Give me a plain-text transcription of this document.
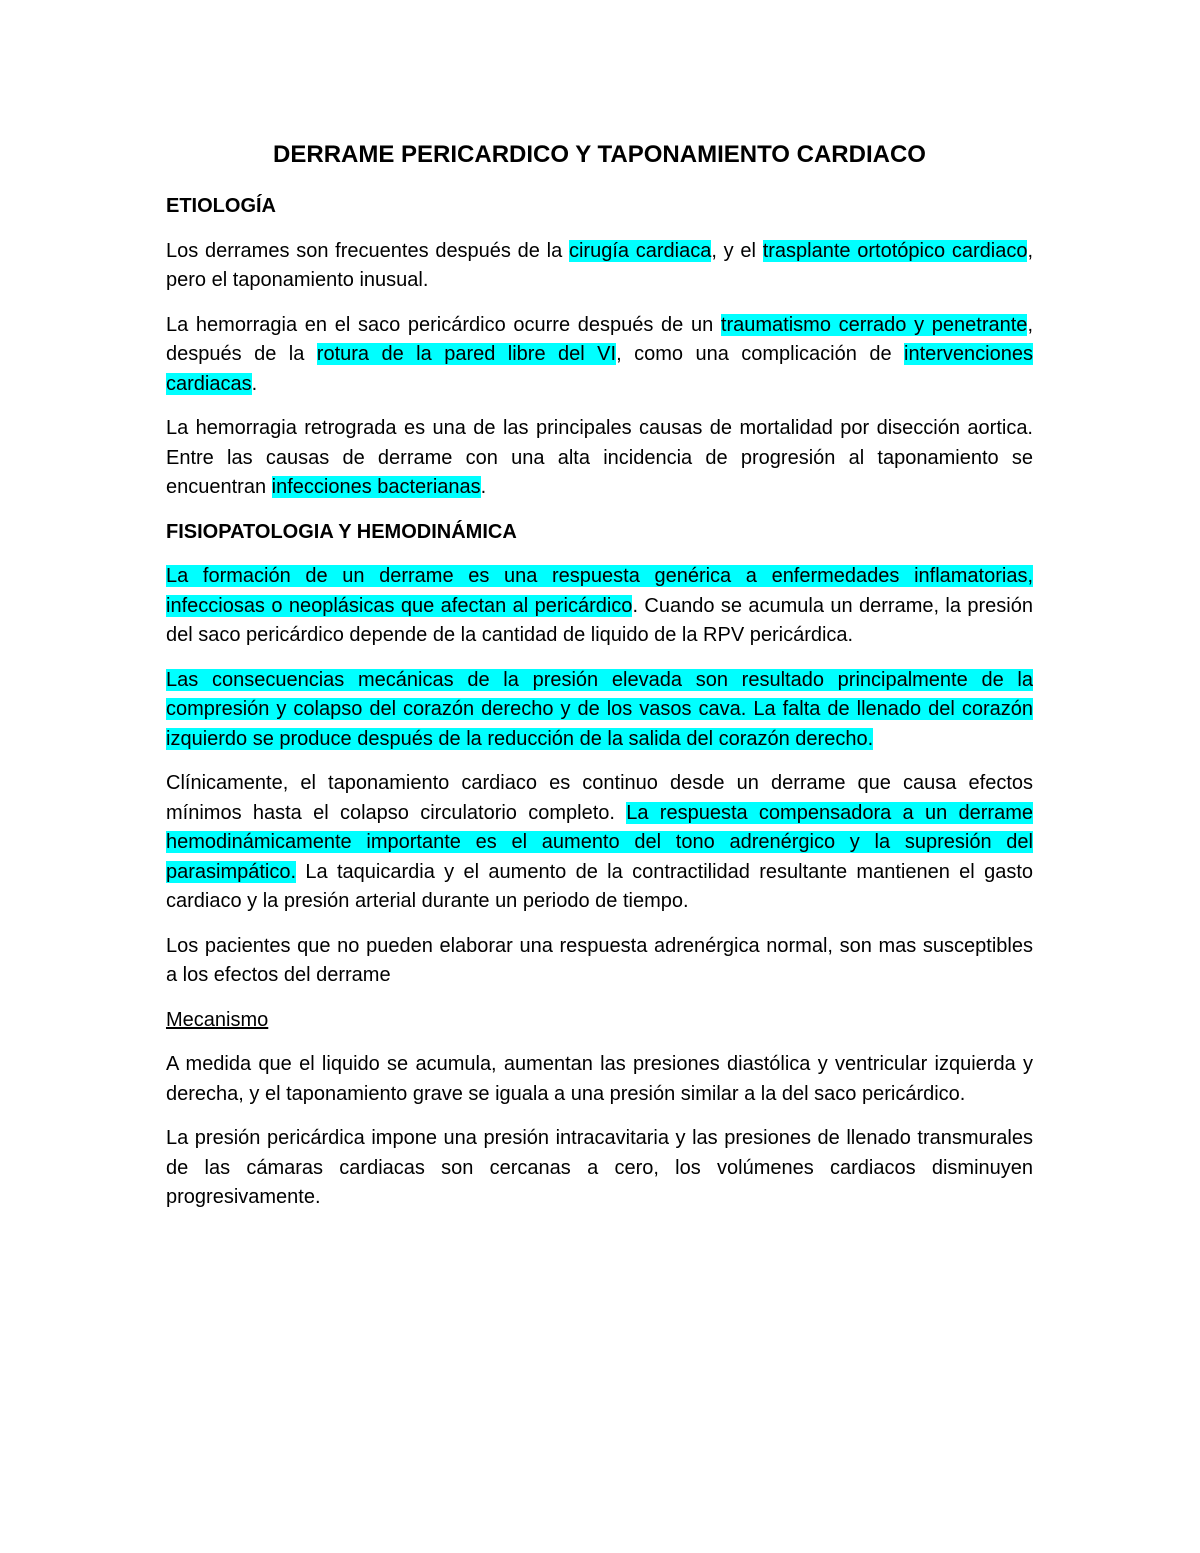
DERRAME PERICARDICO Y TAPONAMIENTO CARDIACO
ETIOLOGÍA

Los derrames son frecuentes después de la cirugía cardiaca, y el trasplante ortotópico cardiaco, pero el taponamiento inusual.

La hemorragia en el saco pericárdico ocurre después de un traumatismo cerrado y penetrante, después de la rotura de la pared libre del VI, como una complicación de intervenciones cardiacas.

La hemorragia retrograda es una de las principales causas de mortalidad por disección aortica. Entre las causas de derrame con una alta incidencia de progresión al taponamiento se encuentran infecciones bacterianas.

FISIOPATOLOGIA Y HEMODINÁMICA

La formación de un derrame es una respuesta genérica a enfermedades inflamatorias, infecciosas o neoplásicas que afectan al pericárdico. Cuando se acumula un derrame, la presión del saco pericárdico depende de la cantidad de liquido de la RPV pericárdica.

Las consecuencias mecánicas de la presión elevada son resultado principalmente de la compresión y colapso del corazón derecho y de los vasos cava. La falta de llenado del corazón izquierdo se produce después de la reducción de la salida del corazón derecho.

Clínicamente, el taponamiento cardiaco es continuo desde un derrame que causa efectos mínimos hasta el colapso circulatorio completo. La respuesta compensadora a un derrame hemodinámicamente importante es el aumento del tono adrenérgico y la supresión del parasimpático. La taquicardia y el aumento de la contractilidad resultante mantienen el gasto cardiaco y la presión arterial durante un periodo de tiempo.

Los pacientes que no pueden elaborar una respuesta adrenérgica normal, son mas susceptibles a los efectos del derrame

Mecanismo

A medida que el liquido se acumula, aumentan las presiones diastólica y ventricular izquierda y derecha, y el taponamiento grave se iguala a una presión similar a la del saco pericárdico.

La presión pericárdica impone una presión intracavitaria y las presiones de llenado transmurales de las cámaras cardiacas son cercanas a cero, los volúmenes cardiacos disminuyen progresivamente.
